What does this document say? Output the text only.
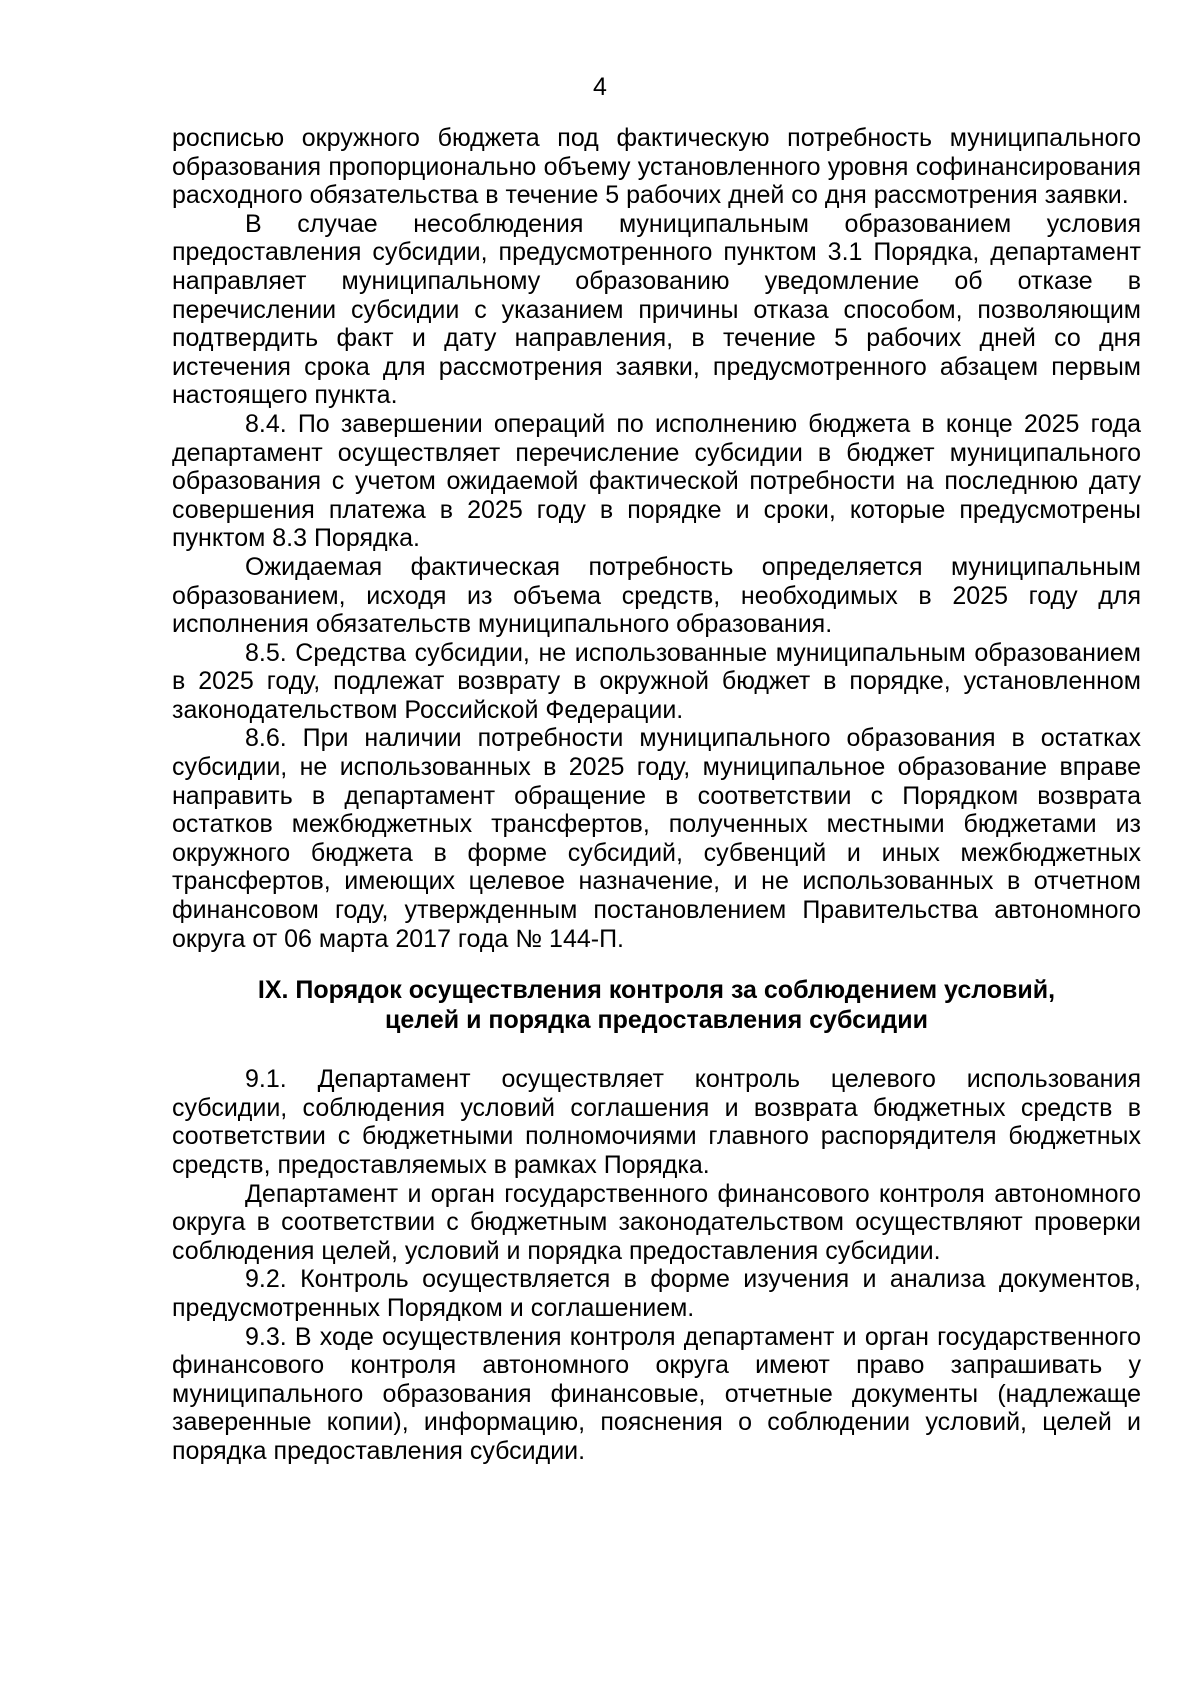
4

росписью окружного бюджета под фактическую потребность муниципального образования пропорционально объему установленного уровня софинансирования расходного обязательства в течение 5 рабочих дней со дня рассмотрения заявки.

В случае несоблюдения муниципальным образованием условия предоставления субсидии, предусмотренного пунктом 3.1 Порядка, департамент направляет муниципальному образованию уведомление об отказе в перечислении субсидии с указанием причины отказа способом, позволяющим подтвердить факт и дату направления, в течение 5 рабочих дней со дня истечения срока для рассмотрения заявки, предусмотренного абзацем первым настоящего пункта.

8.4. По завершении операций по исполнению бюджета в конце 2025 года департамент осуществляет перечисление субсидии в бюджет муниципального образования с учетом ожидаемой фактической потребности на последнюю дату совершения платежа в 2025 году в порядке и сроки, которые предусмотрены пунктом 8.3 Порядка.

Ожидаемая фактическая потребность определяется муниципальным образованием, исходя из объема средств, необходимых в 2025 году для исполнения обязательств муниципального образования.

8.5. Средства субсидии, не использованные муниципальным образованием в 2025 году, подлежат возврату в окружной бюджет в порядке, установленном законодательством Российской Федерации.

8.6. При наличии потребности муниципального образования в остатках субсидии, не использованных в 2025 году, муниципальное образование вправе направить в департамент обращение в соответствии с Порядком возврата остатков межбюджетных трансфертов, полученных местными бюджетами из окружного бюджета в форме субсидий, субвенций и иных межбюджетных трансфертов, имеющих целевое назначение, и не использованных в отчетном финансовом году, утвержденным постановлением Правительства автономного округа от 06 марта 2017 года № 144-П.

IX. Порядок осуществления контроля за соблюдением условий,
целей и порядка предоставления субсидии

9.1. Департамент осуществляет контроль целевого использования субсидии, соблюдения условий соглашения и возврата бюджетных средств в соответствии с бюджетными полномочиями главного распорядителя бюджетных средств, предоставляемых в рамках Порядка.

Департамент и орган государственного финансового контроля автономного округа в соответствии с бюджетным законодательством осуществляют проверки соблюдения целей, условий и порядка предоставления субсидии.

9.2. Контроль осуществляется в форме изучения и анализа документов, предусмотренных Порядком и соглашением.

9.3. В ходе осуществления контроля департамент и орган государственного финансового контроля автономного округа имеют право запрашивать у муниципального образования финансовые, отчетные документы (надлежаще заверенные копии), информацию, пояснения о соблюдении условий, целей и порядка предоставления субсидии.
